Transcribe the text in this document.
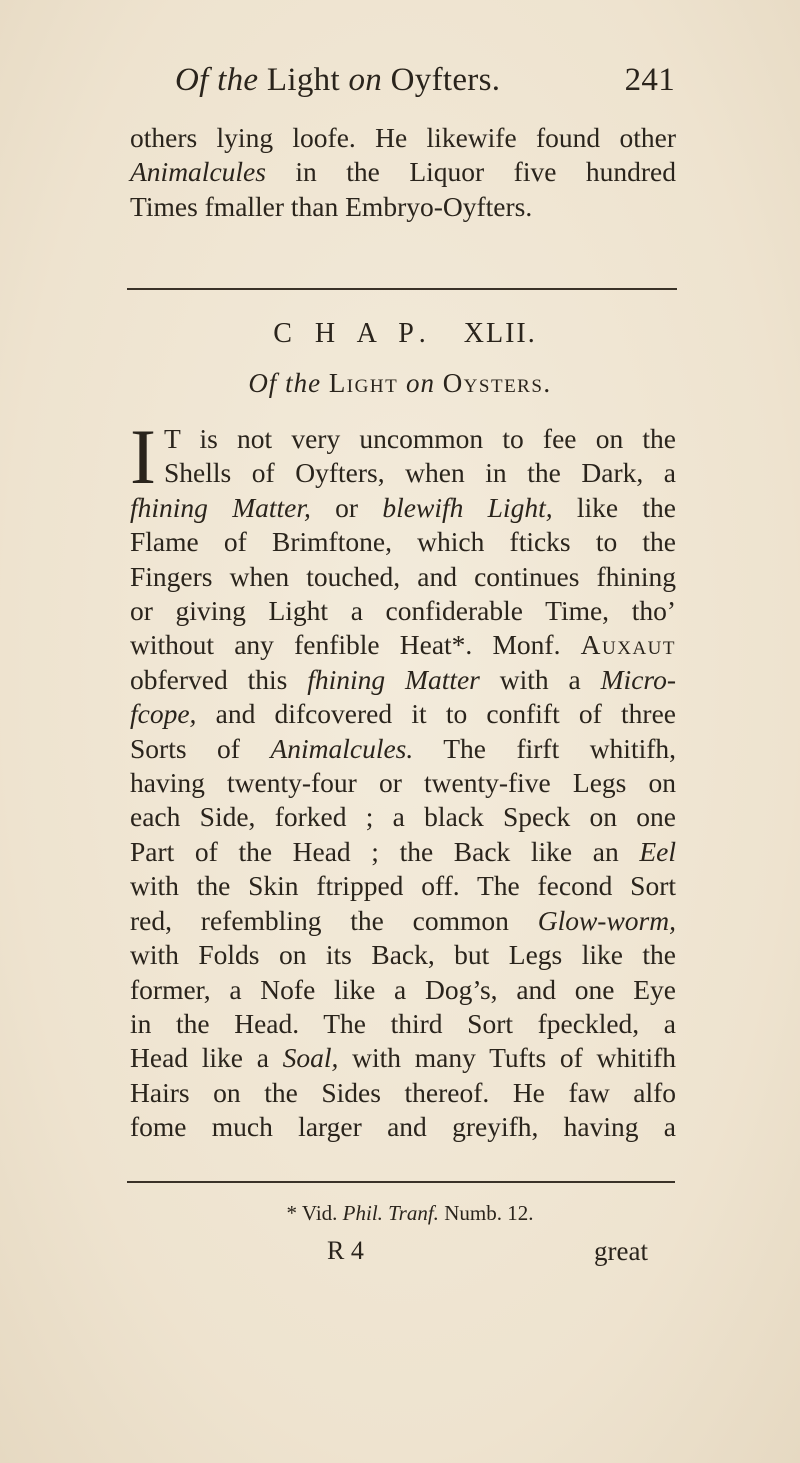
Of the Light on Oyfters.	241
others lying loofe. He likewife found other
Animalcules in the Liquor five hundred
Times fmaller than Embryo-Oyfters.
C H A P. XLII.
Of the Light on Oysters.
I T is not very uncommon to fee on the
Shells of Oyfters, when in the Dark, a
fhining Matter, or blewifh Light, like the
Flame of Brimftone, which fticks to the
Fingers when touched, and continues fhining
or giving Light a confiderable Time, tho’
without any fenfible Heat*. Monf. Auxaut
obferved this fhining Matter with a Micro-
fcope, and difcovered it to confift of three
Sorts of Animalcules. The firft whitifh,
having twenty-four or twenty-five Legs on
each Side, forked ; a black Speck on one
Part of the Head ; the Back like an Eel
with the Skin ftripped off. The fecond Sort
red, refembling the common Glow-worm,
with Folds on its Back, but Legs like the
former, a Nofe like a Dog’s, and one Eye
in the Head. The third Sort fpeckled, a
Head like a Soal, with many Tufts of whitifh
Hairs on the Sides thereof. He faw alfo
fome much larger and greyifh, having a
* Vid. Phil. Tranf. Numb. 12.
R 4	great
